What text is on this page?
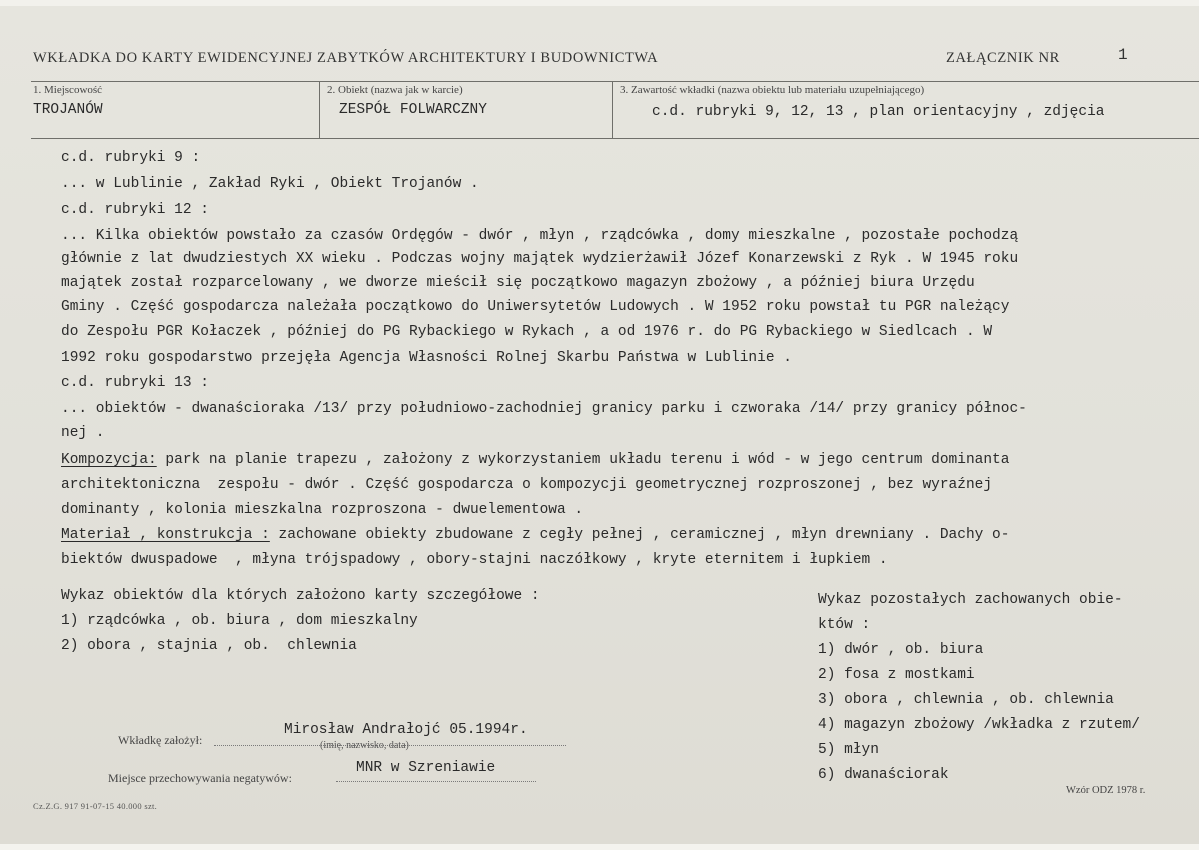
WKŁADKA DO KARTY EWIDENCYJNEJ ZABYTKÓW ARCHITEKTURY I BUDOWNICTWA	ZAŁĄCZNIK NR	1
1. Miejscowość
TROJANÓW
2. Obiekt (nazwa jak w karcie)
ZESPÓŁ FOLWARCZNY
3. Zawartość wkładki (nazwa obiektu lub materiału uzupełniającego)
c.d. rubryki 9, 12, 13 , plan orientacyjny , zdjęcia
c.d. rubryki 9 :
... w Lublinie , Zakład Ryki , Obiekt Trojanów .
c.d. rubryki 12 :
... Kilka obiektów powstało za czasów Ordęgów - dwór , młyn , rządcówka , domy mieszkalne , pozostałe pochodzą
głównie z lat dwudziestych XX wieku . Podczas wojny majątek wydzierżawił Józef Konarzewski z Ryk . W 1945 roku
majątek został rozparcelowany , we dworze mieścił się początkowo magazyn zbożowy , a później biura Urzędu
Gminy . Część gospodarcza należała początkowo do Uniwersytetów Ludowych . W 1952 roku powstał tu PGR należący
do Zespołu PGR Kołaczek , później do PG Rybackiego w Rykach , a od 1976 r. do PG Rybackiego w Siedlcach . W
1992 roku gospodarstwo przejęła Agencja Własności Rolnej Skarbu Państwa w Lublinie .
c.d. rubryki 13 :
... obiektów - dwanaściorakа /13/ przy południowo-zachodniej granicy parku i czworaka /14/ przy granicy północ-
nej .
Kompozycja: park na planie trapezu , założony z wykorzystaniem układu terenu i wód - w jego centrum dominanta
architektoniczna  zespołu - dwór . Część gospodarcza o kompozycji geometrycznej rozproszonej , bez wyraźnej
dominanty , kolonia mieszkalna rozproszona - dwuelementowa .
Materiał , konstrukcja : zachowane obiekty zbudowane z cegły pełnej , ceramicznej , młyn drewniany . Dachy o-
biektów dwuspadowe  , młyna trójspadowy , obory-stajni naczółkowy , kryte eternitem i łupkiem .
Wykaz obiektów dla których założono karty szczegółowe :
1) rządcówka , ob. biura , dom mieszkalny
2) obora , stajnia , ob.  chlewnia
Wykaz pozostałych zachowanych obie-
któw :
1) dwór , ob. biura
2) fosa z mostkami
3) obora , chlewnia , ob. chlewnia
4) magazyn zbożowy /wkładka z rzutem/
5) młyn
6) dwanaściorak
Wkładkę założył:
Mirosław Andrałojć 05.1994r.
(imię, nazwisko, data)
Miejsce przechowywania negatywów:
MNR w Szreniawie
Cz.Z.G. 917 91-07-15 40.000 szt.
Wzór ODZ 1978 r.
